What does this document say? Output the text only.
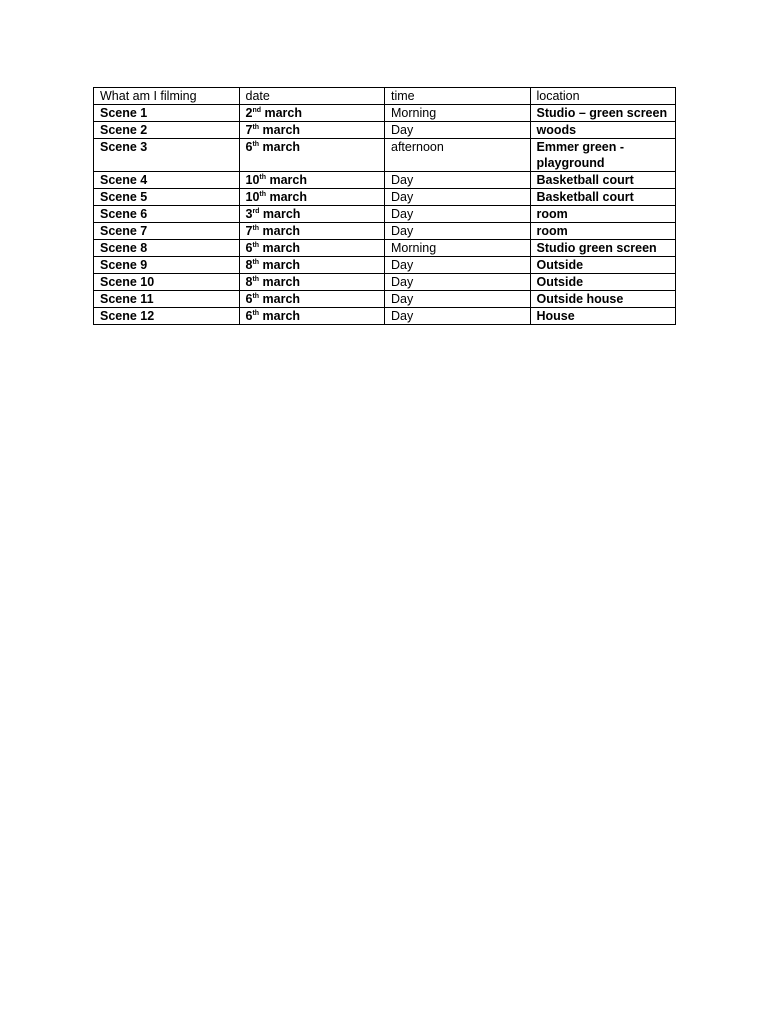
What am I filming	date	time	location
Scene 1	2nd march	Morning	Studio – green screen
Scene 2	7th march	Day	woods
Scene 3	6th march	afternoon	Emmer green - playground
Scene 4	10th march	Day	Basketball court
Scene 5	10th march	Day	Basketball court
Scene 6	3rd march	Day	room
Scene 7	7th march	Day	room
Scene 8	6th march	Morning	Studio green screen
Scene 9	8th march	Day	Outside
Scene 10	8th march	Day	Outside
Scene 11	6th march	Day	Outside house
Scene 12	6th march	Day	House
